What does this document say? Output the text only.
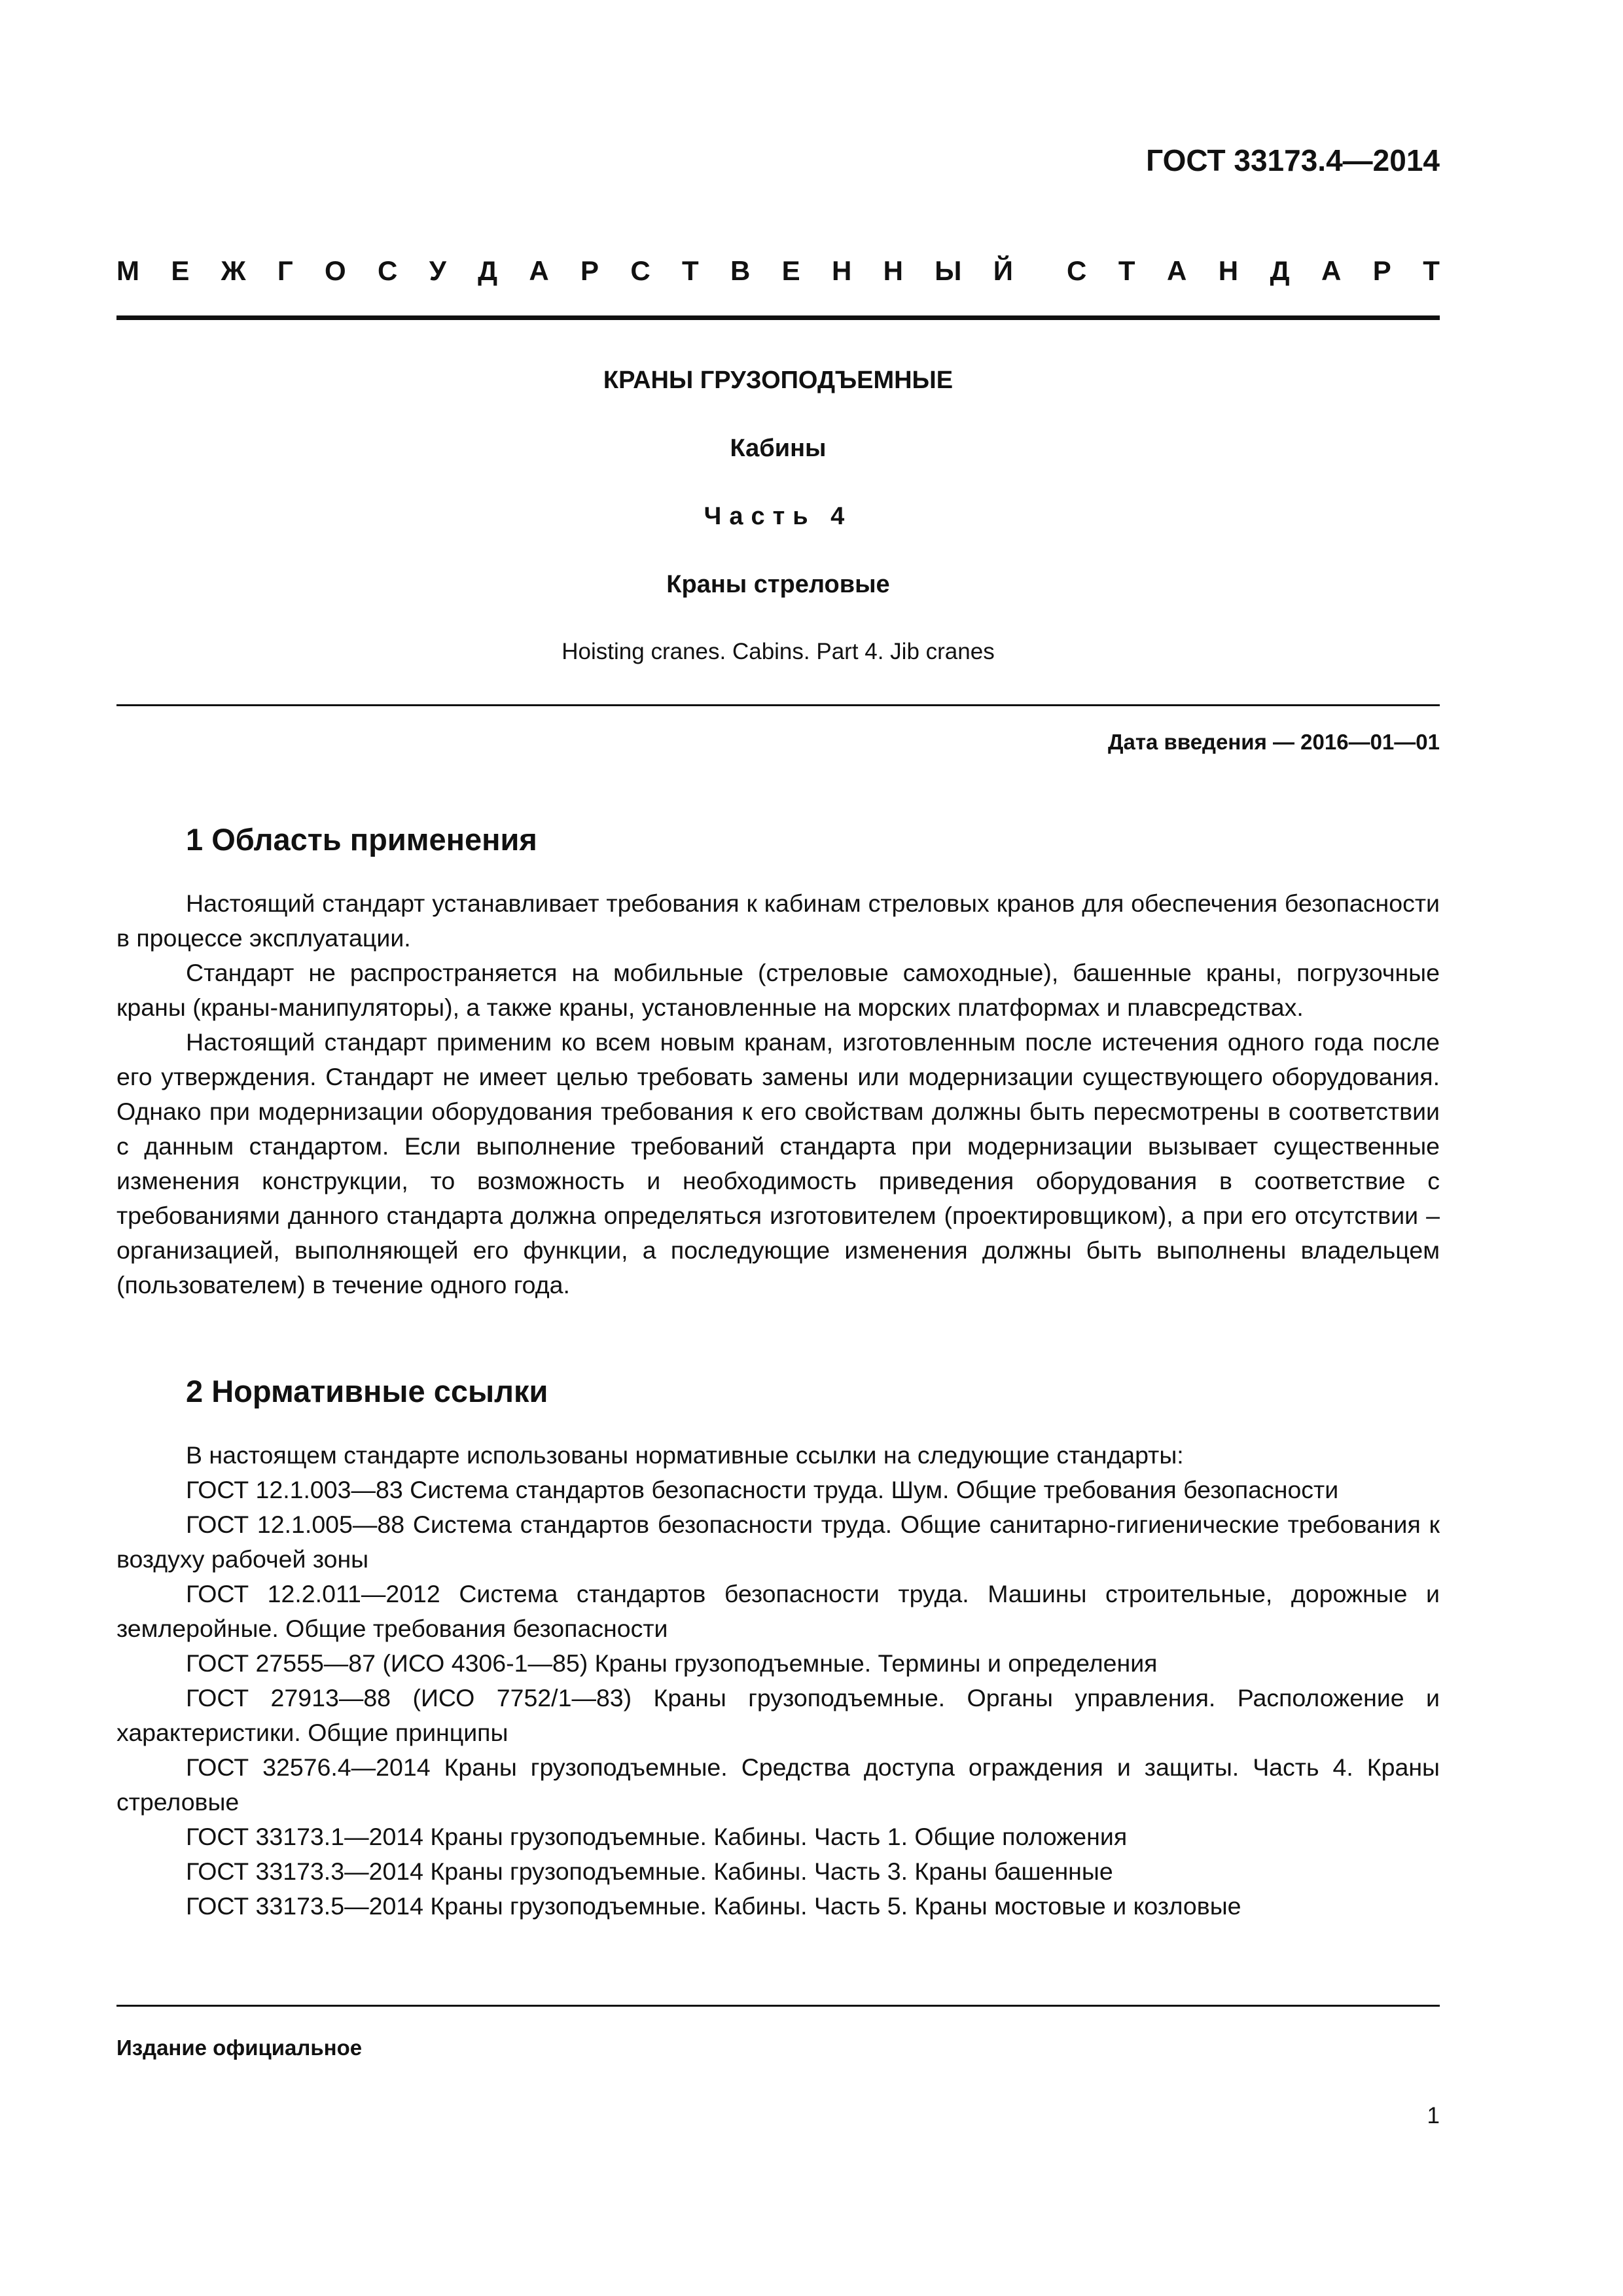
ГОСТ 33173.4—2014
М Е Ж Г О С У Д А Р С Т В Е Н Н Ы Й С Т А Н Д А Р Т
КРАНЫ ГРУЗОПОДЪЕМНЫЕ
Кабины
Часть 4
Краны стреловые
Hoisting cranes. Cabins. Part 4. Jib cranes
Дата введения — 2016—01—01
1 Область применения

Настоящий стандарт устанавливает требования к кабинам стреловых кранов для обеспечения безопасности в процессе эксплуатации.

Стандарт не распространяется на мобильные (стреловые самоходные), башенные краны, погрузочные краны (краны-манипуляторы), а также краны, установленные на морских платформах и плавсредствах.

Настоящий стандарт применим ко всем новым кранам, изготовленным после истечения одного года после его утверждения. Стандарт не имеет целью требовать замены или модернизации существующего оборудования. Однако при модернизации оборудования требования к его свойствам должны быть пересмотрены в соответствии с данным стандартом. Если выполнение требований стандарта при модернизации вызывает существенные изменения конструкции, то возможность и необходимость приведения оборудования в соответствие с требованиями данного стандарта должна определяться изготовителем (проектировщиком), а при его отсутствии – организацией, выполняющей его функции, а последующие изменения должны быть выполнены владельцем (пользователем) в течение одного года.

2 Нормативные ссылки

В настоящем стандарте использованы нормативные ссылки на следующие стандарты:

ГОСТ 12.1.003—83 Система стандартов безопасности труда. Шум. Общие требования безопасности

ГОСТ 12.1.005—88 Система стандартов безопасности труда. Общие санитарно-гигиенические требования к воздуху рабочей зоны

ГОСТ 12.2.011—2012 Система стандартов безопасности труда. Машины строительные, дорожные и землеройные. Общие требования безопасности

ГОСТ 27555—87 (ИСО 4306-1—85) Краны грузоподъемные. Термины и определения

ГОСТ 27913—88 (ИСО 7752/1—83) Краны грузоподъемные. Органы управления. Расположение и характеристики. Общие принципы

ГОСТ 32576.4—2014 Краны грузоподъемные. Средства доступа ограждения и защиты. Часть 4. Краны стреловые

ГОСТ 33173.1—2014 Краны грузоподъемные. Кабины. Часть 1. Общие положения

ГОСТ 33173.3—2014 Краны грузоподъемные. Кабины. Часть 3. Краны башенные

ГОСТ 33173.5—2014 Краны грузоподъемные. Кабины. Часть 5. Краны мостовые и козловые

Издание официальное
1
